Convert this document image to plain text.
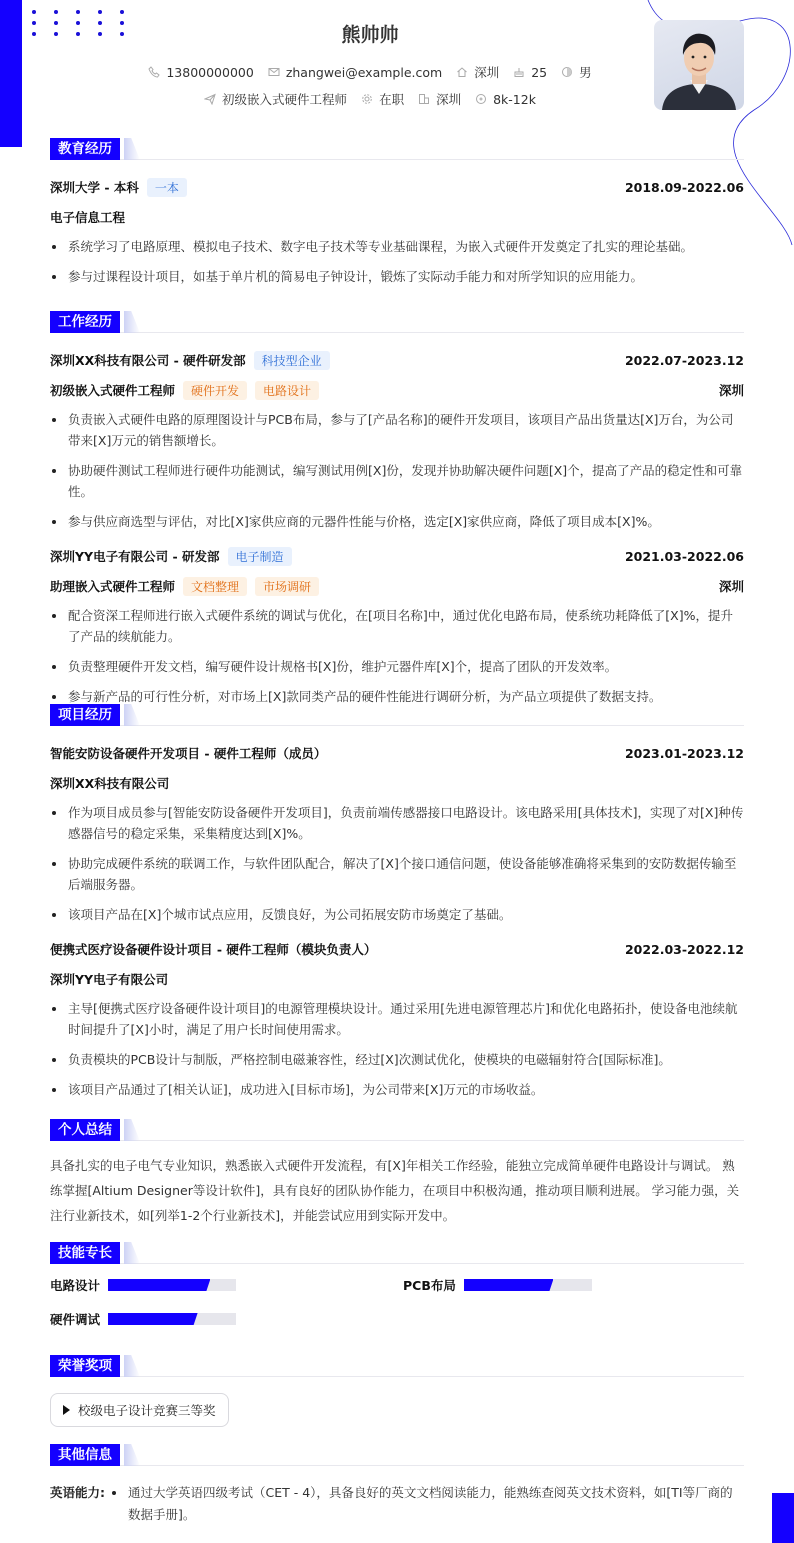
熊帅帅
13800000000	zhangwei@example.com	深圳	25	男
初级嵌入式硬件工程师	在职	深圳	8k-12k
教育经历
深圳大学 - 本科	一本	2018.09-2022.06
电子信息工程
系统学习了电路原理、模拟电子技术、数字电子技术等专业基础课程，为嵌入式硬件开发奠定了扎实的理论基础。
参与过课程设计项目，如基于单片机的简易电子钟设计，锻炼了实际动手能力和对所学知识的应用能力。
工作经历
深圳XX科技有限公司 - 硬件研发部	科技型企业	2022.07-2023.12
初级嵌入式硬件工程师	硬件开发	电路设计	深圳
负责嵌入式硬件电路的原理图设计与PCB布局，参与了[产品名称]的硬件开发项目，该项目产品出货量达[X]万台，为公司带来[X]万元的销售额增长。
协助硬件测试工程师进行硬件功能测试，编写测试用例[X]份，发现并协助解决硬件问题[X]个，提高了产品的稳定性和可靠性。
参与供应商选型与评估，对比[X]家供应商的元器件性能与价格，选定[X]家供应商，降低了项目成本[X]%。
深圳YY电子有限公司 - 研发部	电子制造	2021.03-2022.06
助理嵌入式硬件工程师	文档整理	市场调研	深圳
配合资深工程师进行嵌入式硬件系统的调试与优化，在[项目名称]中，通过优化电路布局，使系统功耗降低了[X]%，提升了产品的续航能力。
负责整理硬件开发文档，编写硬件设计规格书[X]份，维护元器件库[X]个，提高了团队的开发效率。
参与新产品的可行性分析，对市场上[X]款同类产品的硬件性能进行调研分析，为产品立项提供了数据支持。
项目经历
智能安防设备硬件开发项目 - 硬件工程师（成员）	2023.01-2023.12
深圳XX科技有限公司
作为项目成员参与[智能安防设备硬件开发项目]，负责前端传感器接口电路设计。该电路采用[具体技术]，实现了对[X]种传感器信号的稳定采集，采集精度达到[X]%。
协助完成硬件系统的联调工作，与软件团队配合，解决了[X]个接口通信问题，使设备能够准确将采集到的安防数据传输至后端服务器。
该项目产品在[X]个城市试点应用，反馈良好，为公司拓展安防市场奠定了基础。
便携式医疗设备硬件设计项目 - 硬件工程师（模块负责人）	2022.03-2022.12
深圳YY电子有限公司
主导[便携式医疗设备硬件设计项目]的电源管理模块设计。通过采用[先进电源管理芯片]和优化电路拓扑，使设备电池续航时间提升了[X]小时，满足了用户长时间使用需求。
负责模块的PCB设计与制版，严格控制电磁兼容性，经过[X]次测试优化，使模块的电磁辐射符合[国际标准]。
该项目产品通过了[相关认证]，成功进入[目标市场]，为公司带来[X]万元的市场收益。
个人总结

具备扎实的电子电气专业知识，熟悉嵌入式硬件开发流程，有[X]年相关工作经验，能独立完成简单硬件电路设计与调试。 熟练掌握[Altium Designer等设计软件]，具有良好的团队协作能力，在项目中积极沟通，推动项目顺利进展。 学习能力强，关注行业新技术，如[列举1-2个行业新技术]，并能尝试应用到实际开发中。

技能专长
电路设计	PCB布局
硬件调试
荣誉奖项
校级电子设计竞赛三等奖
其他信息
英语能力:	通过大学英语四级考试（CET - 4），具备良好的英文文档阅读能力，能熟练查阅英文技术资料，如[TI等厂商的数据手册]。
